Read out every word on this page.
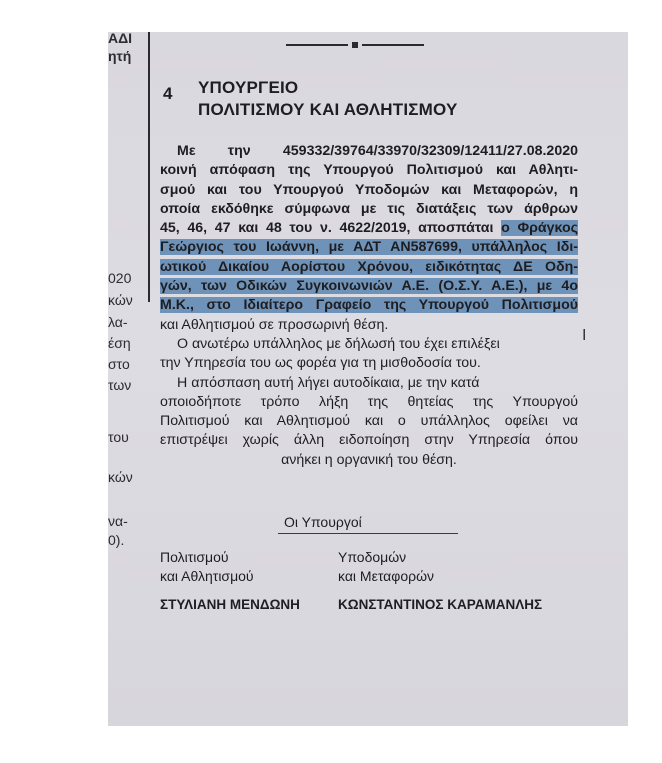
ΑΔΙ
ητή
020
κών
λα-
έση
στο
των
του
κών
να-
0).
4 ΥΠΟΥΡΓΕΙΟ
ΠΟΛΙΤΙΣΜΟΥ ΚΑΙ ΑΘΛΗΤΙΣΜΟΥ
Με την 459332/39764/33970/32309/12411/27.08.2020
κοινή απόφαση της Υπουργού Πολιτισμού και Αθλητι-
σμού και του Υπουργού Υποδομών και Μεταφορών, η
οποία εκδόθηκε σύμφωνα με τις διατάξεις των άρθρων
45, 46, 47 και 48 του ν. 4622/2019, αποσπάται ο Φράγκος
Γεώργιος του Ιωάννη, με ΑΔΤ ΑΝ587699, υπάλληλος Ιδι-
ωτικού Δικαίου Αορίστου Χρόνου, ειδικότητας ΔΕ Οδη-
γών, των Οδικών Συγκοινωνιών Α.Ε. (Ο.Σ.Υ. Α.Ε.), με 4ο
Μ.Κ., στο Ιδιαίτερο Γραφείο της Υπουργού Πολιτισμού
και Αθλητισμού σε προσωρινή θέση.
Ο ανωτέρω υπάλληλος με δήλωσή του έχει επιλέξει
την Υπηρεσία του ως φορέα για τη μισθοδοσία του.
Η απόσπαση αυτή λήγει αυτοδίκαια, με την κατά
οποιοδήποτε τρόπο λήξη της θητείας της Υπουργού
Πολιτισμού και Αθλητισμού και ο υπάλληλος οφείλει να
επιστρέψει χωρίς άλλη ειδοποίηση στην Υπηρεσία όπου
ανήκει η οργανική του θέση.
I
Οι Υπουργοί
Πολιτισμού
και Αθλητισμού
ΣΤΥΛΙΑΝΗ ΜΕΝΔΩΝΗ
Υποδομών
και Μεταφορών
ΚΩΝΣΤΑΝΤΙΝΟΣ ΚΑΡΑΜΑΝΛΗΣ
